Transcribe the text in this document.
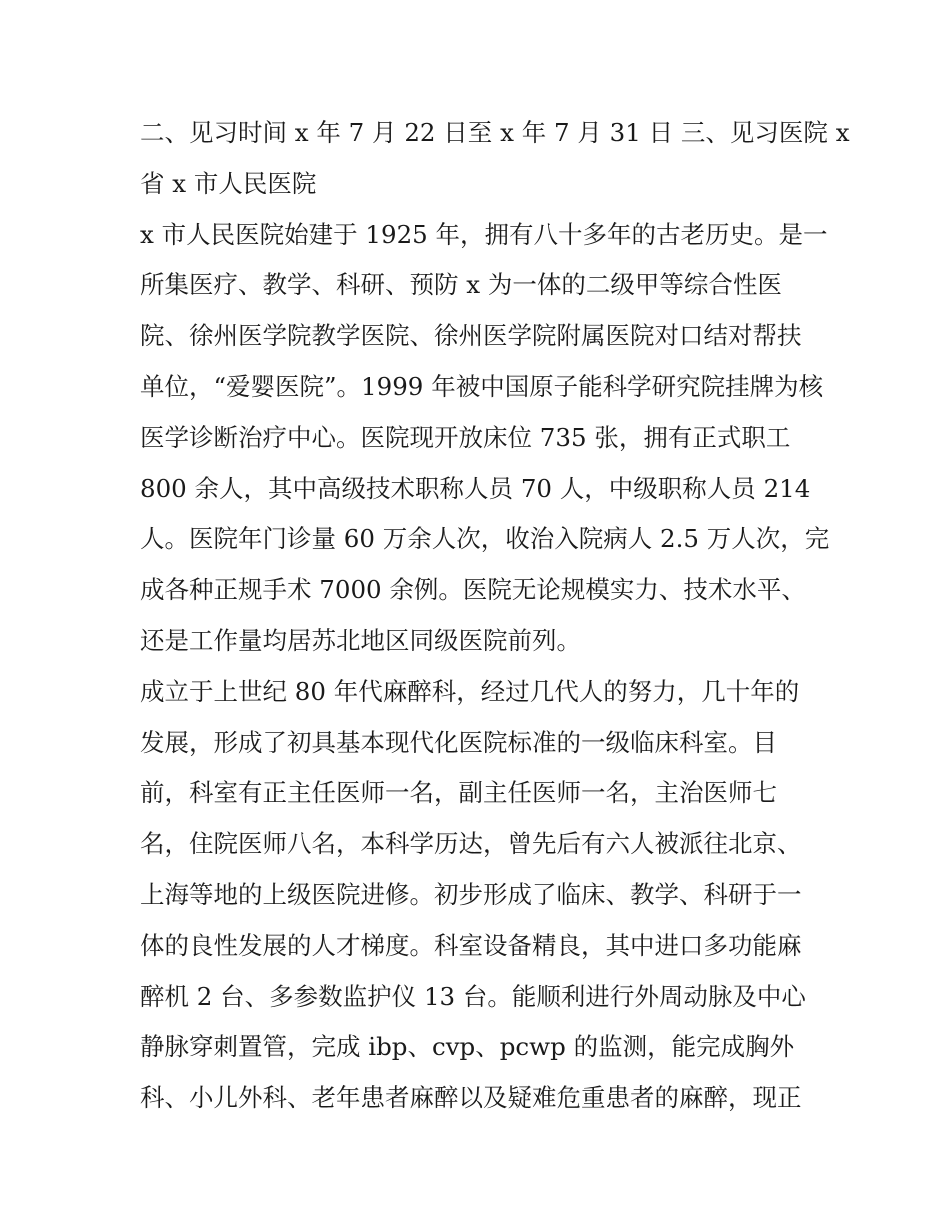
二、见习时间 x 年 7 月 22 日至 x 年 7 月 31 日 三、见习医院 x
省 x 市人民医院
x 市人民医院始建于 1925 年，拥有八十多年的古老历史。是一
所集医疗、教学、科研、预防 x 为一体的二级甲等综合性医
院、徐州医学院教学医院、徐州医学院附属医院对口结对帮扶
单位，“爱婴医院”。1999 年被中国原子能科学研究院挂牌为核
医学诊断治疗中心。医院现开放床位 735 张，拥有正式职工
800 余人，其中高级技术职称人员 70 人，中级职称人员 214
人。医院年门诊量 60 万余人次，收治入院病人 2.5 万人次，完
成各种正规手术 7000 余例。医院无论规模实力、技术水平、
还是工作量均居苏北地区同级医院前列。
成立于上世纪 80 年代麻醉科，经过几代人的努力，几十年的
发展，形成了初具基本现代化医院标准的一级临床科室。目
前，科室有正主任医师一名，副主任医师一名，主治医师七
名，住院医师八名，本科学历达，曾先后有六人被派往北京、
上海等地的上级医院进修。初步形成了临床、教学、科研于一
体的良性发展的人才梯度。科室设备精良，其中进口多功能麻
醉机 2 台、多参数监护仪 13 台。能顺利进行外周动脉及中心
静脉穿刺置管，完成 ibp、cvp、pcwp 的监测，能完成胸外
科、小儿外科、老年患者麻醉以及疑难危重患者的麻醉，现正
